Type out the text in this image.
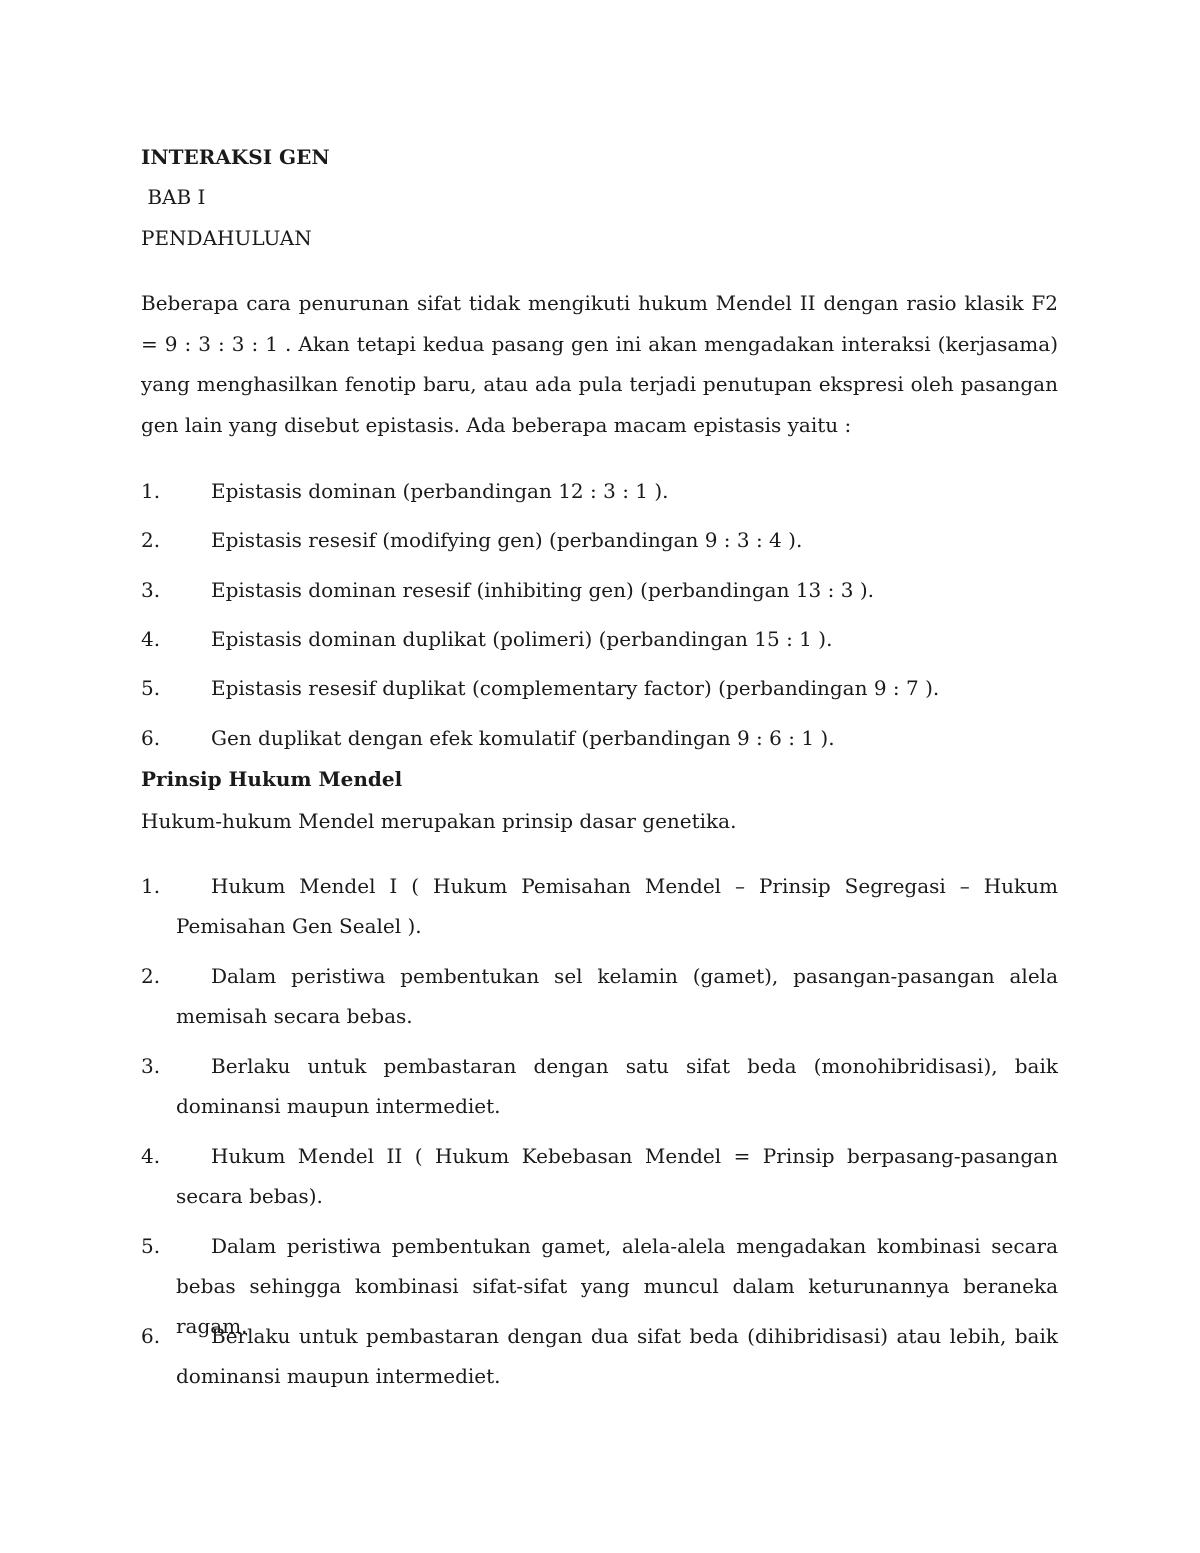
INTERAKSI GEN
BAB I
PENDAHULUAN
Beberapa cara penurunan sifat tidak mengikuti hukum Mendel II dengan rasio klasik F2 = 9 : 3 : 3 : 1 . Akan tetapi kedua pasang gen ini akan mengadakan interaksi (kerjasama) yang menghasilkan fenotip baru, atau ada pula terjadi penutupan ekspresi oleh pasangan gen lain yang disebut epistasis. Ada beberapa macam epistasis yaitu :
1.	Epistasis dominan (perbandingan 12 : 3 : 1 ).
2.	Epistasis resesif (modifying gen) (perbandingan 9 : 3 : 4 ).
3.	Epistasis dominan resesif (inhibiting gen) (perbandingan 13 : 3 ).
4.	Epistasis dominan duplikat (polimeri) (perbandingan 15 : 1 ).
5.	Epistasis resesif duplikat (complementary factor) (perbandingan 9 : 7 ).
6.	Gen duplikat dengan efek komulatif (perbandingan 9 : 6 : 1 ).
Prinsip Hukum Mendel
Hukum-hukum Mendel merupakan prinsip dasar genetika.
1.	Hukum Mendel I ( Hukum Pemisahan Mendel – Prinsip Segregasi – Hukum Pemisahan Gen Sealel ).
2.	Dalam peristiwa pembentukan sel kelamin (gamet), pasangan-pasangan alela memisah secara bebas.
3.	Berlaku untuk pembastaran dengan satu sifat beda (monohibridisasi), baik dominansi maupun intermediet.
4.	Hukum Mendel II ( Hukum Kebebasan Mendel = Prinsip berpasang-pasangan secara bebas).
5.	Dalam peristiwa pembentukan gamet, alela-alela mengadakan kombinasi secara bebas sehingga kombinasi sifat-sifat yang muncul dalam keturunannya beraneka ragam.
6.	Berlaku untuk pembastaran dengan dua sifat beda (dihibridisasi) atau lebih, baik dominansi maupun intermediet.
